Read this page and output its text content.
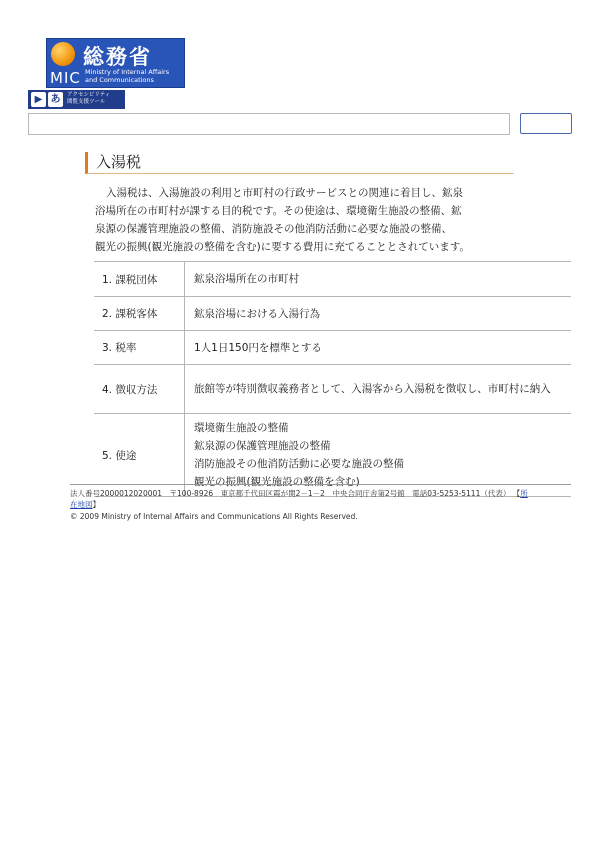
総務省
MIC Ministry of Internal Affairs
and Communications
▶ あ	アクセシビリティ
閲覧支援ツール
入湯税

入湯税は、入湯施設の利用と市町村の行政サービスとの関連に着目し、鉱泉
浴場所在の市町村が課する目的税です。その使途は、環境衛生施設の整備、鉱
泉源の保護管理施設の整備、消防施設その他消防活動に必要な施設の整備、
観光の振興(観光施設の整備を含む)に要する費用に充てることとされています。

1. 課税団体	鉱泉浴場所在の市町村
2. 課税客体	鉱泉浴場における入湯行為
3. 税率	1人1日150円を標準とする
4. 徴収方法	旅館等が特別徴収義務者として、入湯客から入湯税を徴収し、市町村に納入
5. 使途	環境衛生施設の整備
鉱泉源の保護管理施設の整備
消防施設その他消防活動に必要な施設の整備
観光の振興(観光施設の整備を含む)
法人番号2000012020001　〒100-8926　東京都千代田区霞が関2－1－2　中央合同庁舎第2号館　電話03-5253-5111（代表） 【所在地図】
© 2009 Ministry of Internal Affairs and Communications All Rights Reserved.
